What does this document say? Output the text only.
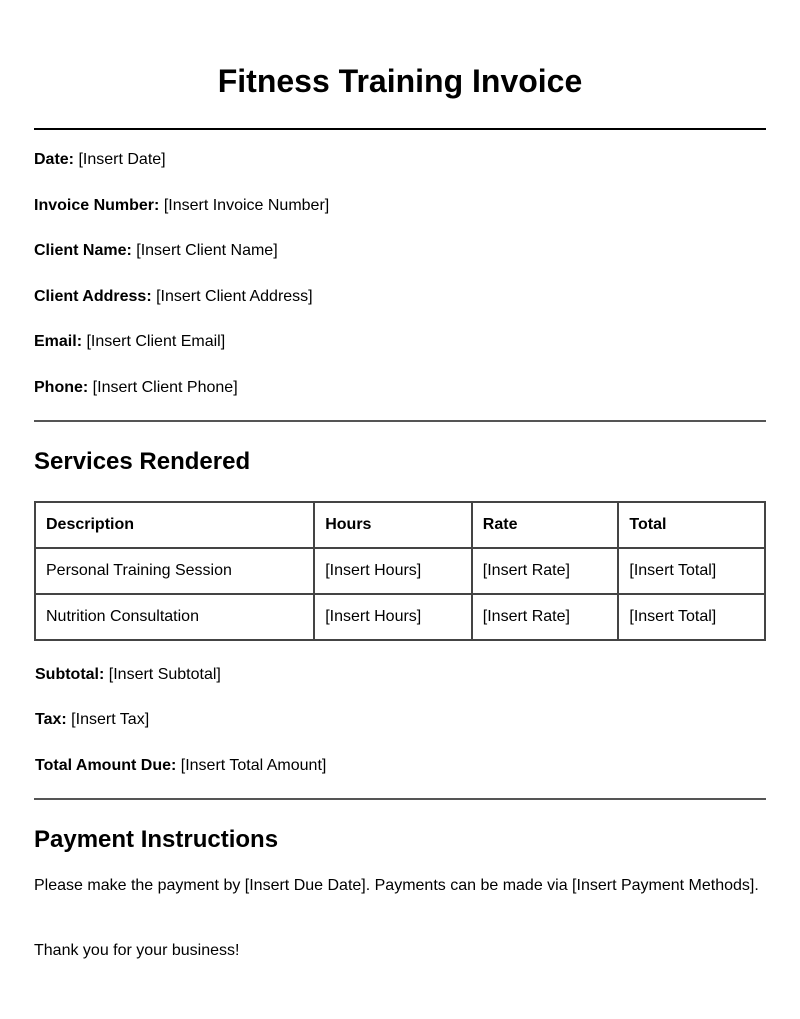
Fitness Training Invoice
Date: [Insert Date]
Invoice Number: [Insert Invoice Number]
Client Name: [Insert Client Name]
Client Address: [Insert Client Address]
Email: [Insert Client Email]
Phone: [Insert Client Phone]
Services Rendered
Description	Hours	Rate	Total
Personal Training Session	[Insert Hours]	[Insert Rate]	[Insert Total]
Nutrition Consultation	[Insert Hours]	[Insert Rate]	[Insert Total]
Subtotal: [Insert Subtotal]
Tax: [Insert Tax]
Total Amount Due: [Insert Total Amount]
Payment Instructions

Please make the payment by [Insert Due Date]. Payments can be made via [Insert Payment Methods].

Thank you for your business!
